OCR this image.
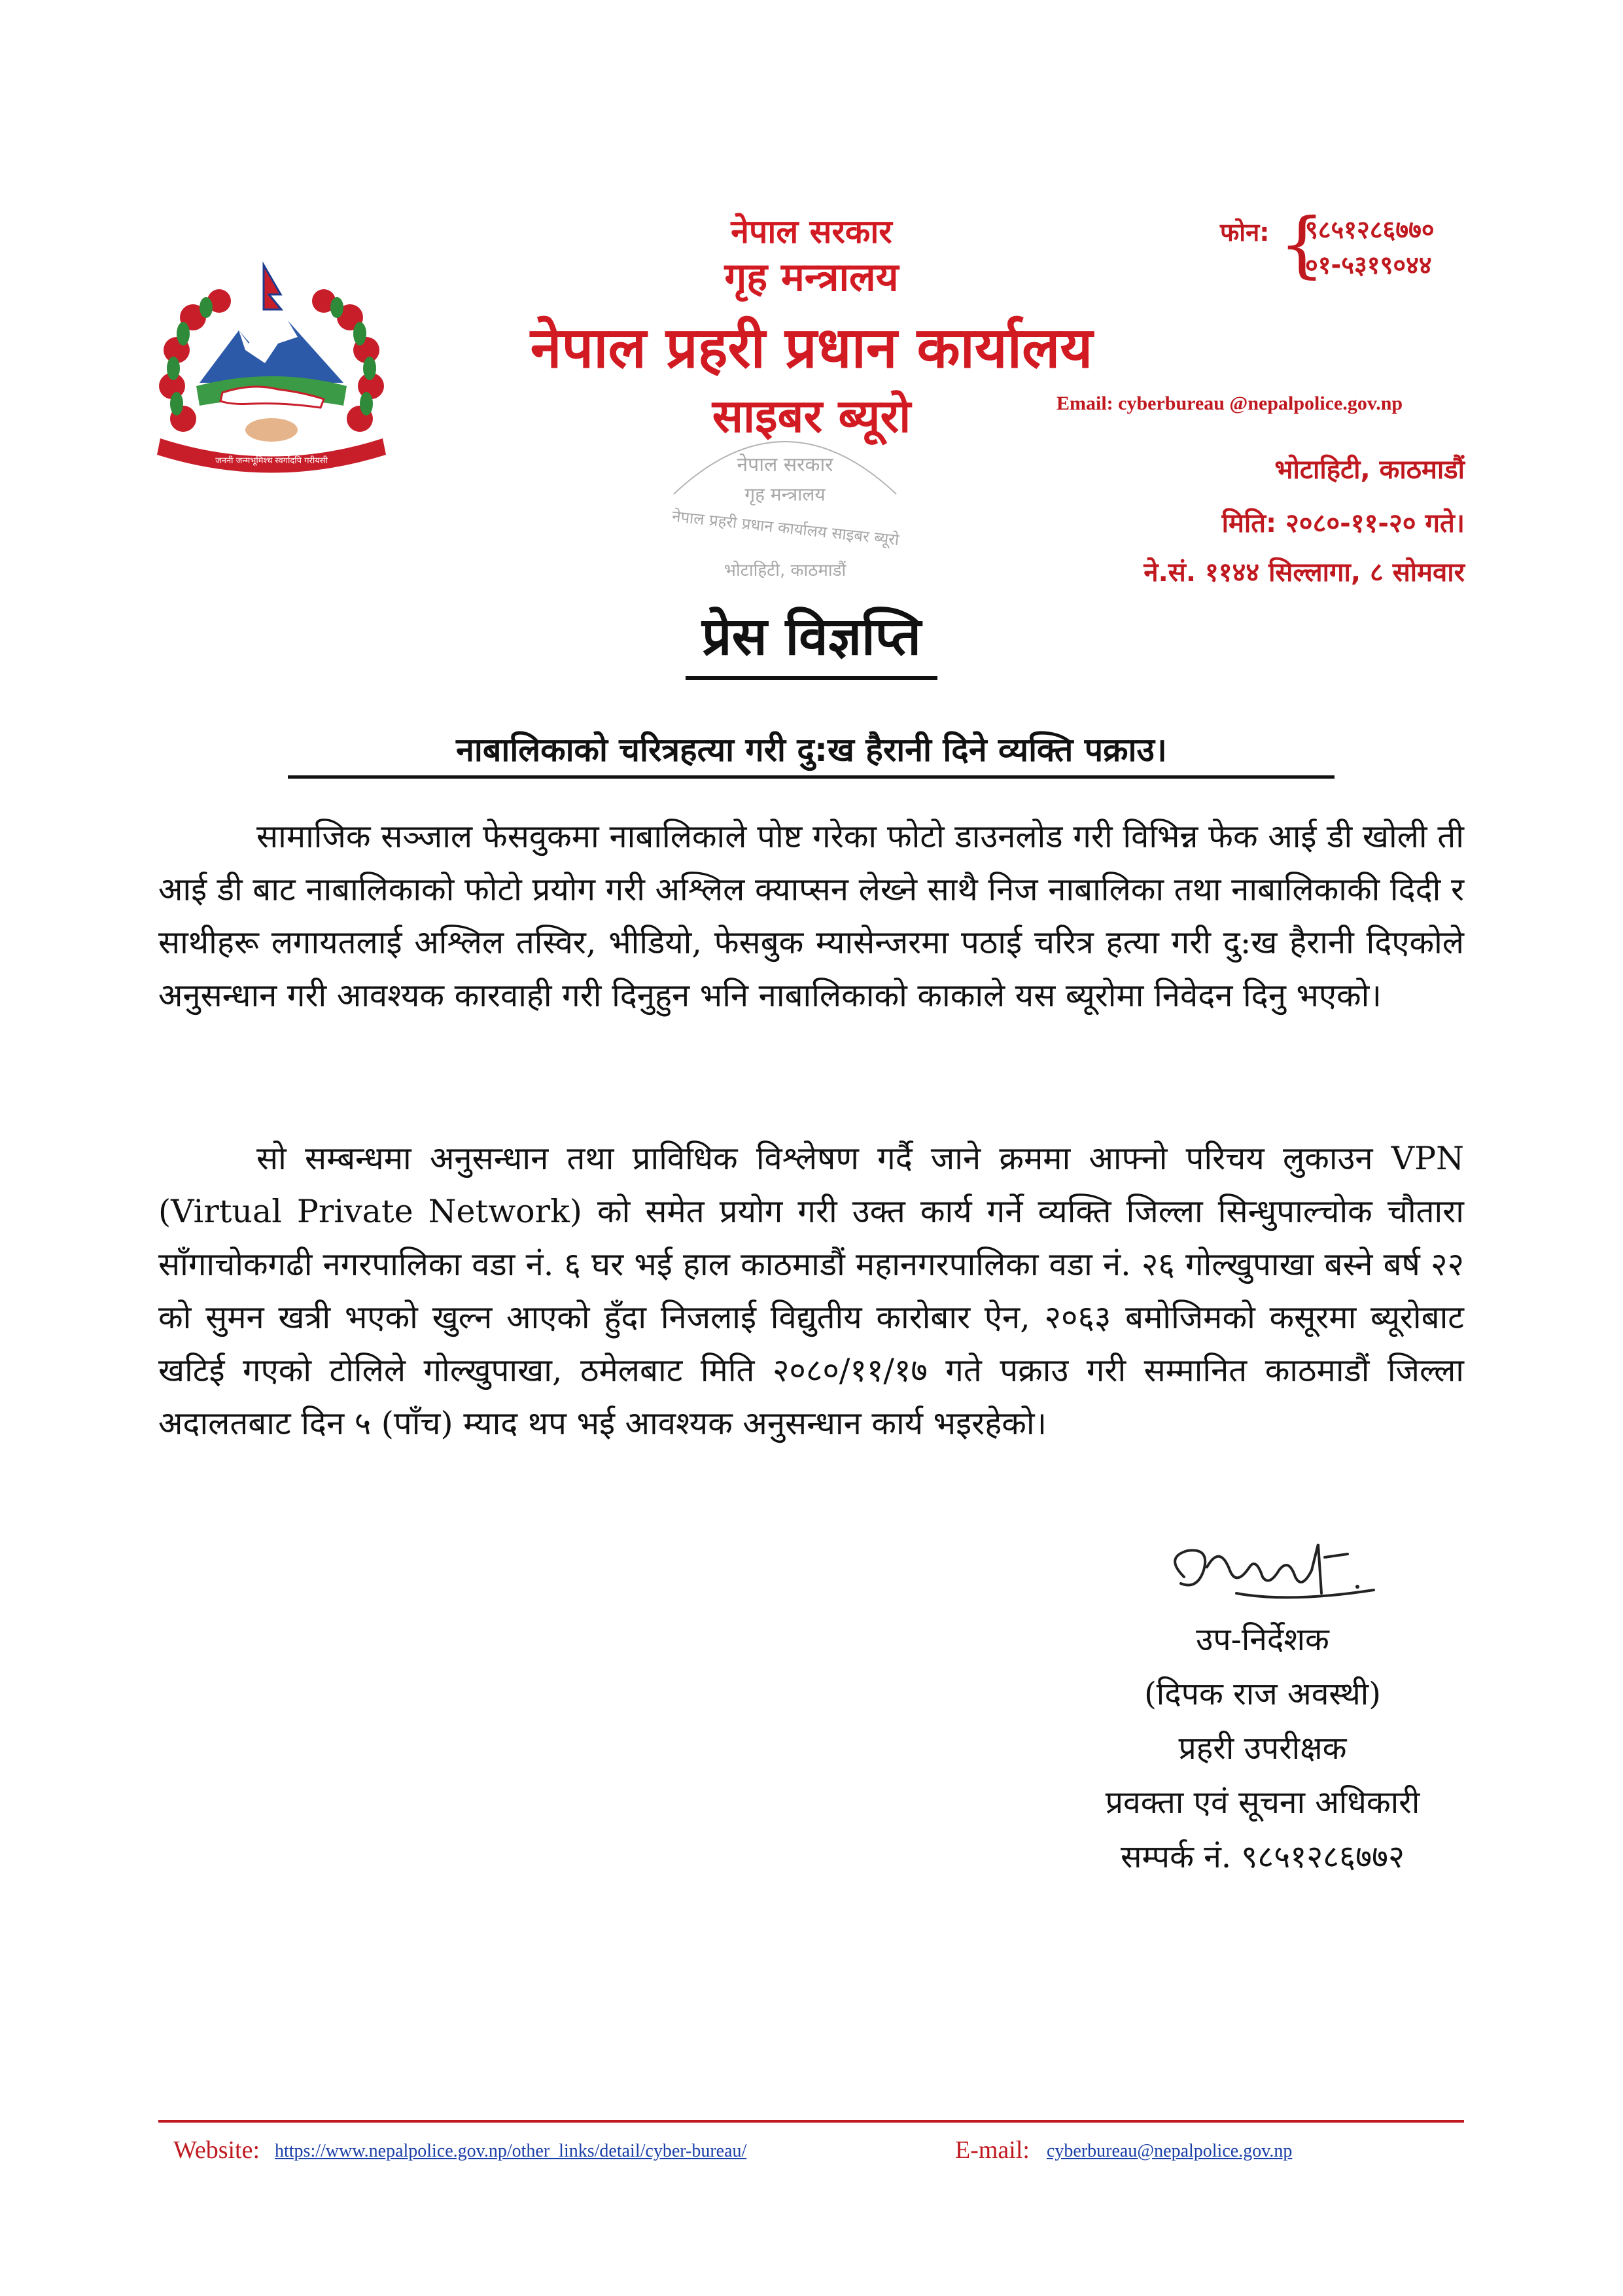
जननी जन्मभूमिश्च स्वर्गादपि गरीयसी
नेपाल सरकार
गृह मन्त्रालय
नेपाल प्रहरी प्रधान कार्यालय
साइबर ब्यूरो
फोन: {
९८५१२८६७७०
०१-५३१९०४४
Email: cyberbureau @nepalpolice.gov.np
भोटाहिटी, काठमाडौं
मिति: २०८०-११-२० गते।
ने.सं. ११४४ सिल्लागा, ८ सोमवार
नेपाल सरकार
गृह मन्त्रालय
नेपाल प्रहरी प्रधान कार्यालय साइबर ब्यूरो
भोटाहिटी, काठमाडौं
प्रेस विज्ञप्ति
नाबालिकाको चरित्रहत्या गरी दु:ख हैरानी दिने व्यक्ति पक्राउ।
सामाजिक सञ्जाल फेसवुकमा नाबालिकाले पोष्ट गरेका फोटो डाउनलोड गरी विभिन्न फेक आई डी खोली ती आई डी बाट नाबालिकाको फोटो प्रयोग गरी अश्लिल क्याप्सन लेख्ने साथै निज नाबालिका तथा नाबालिकाकी दिदी र साथीहरू लगायतलाई अश्लिल तस्विर, भीडियो, फेसबुक म्यासेन्जरमा पठाई चरित्र हत्या गरी दु:ख हैरानी दिएकोले अनुसन्धान गरी आवश्यक कारवाही गरी दिनुहुन भनि नाबालिकाको काकाले यस ब्यूरोमा निवेदन दिनु भएको।
सो सम्बन्धमा अनुसन्धान तथा प्राविधिक विश्लेषण गर्दै जाने क्रममा आफ्नो परिचय लुकाउन VPN (Virtual Private Network) को समेत प्रयोग गरी उक्त कार्य गर्ने व्यक्ति जिल्ला सिन्धुपाल्चोक चौतारा साँगाचोकगढी नगरपालिका वडा नं. ६ घर भई हाल काठमाडौं महानगरपालिका वडा नं. २६ गोल्खुपाखा बस्ने बर्ष २२ को सुमन खत्री भएको खुल्न आएको हुँदा निजलाई विद्युतीय कारोबार ऐन, २०६३ बमोजिमको कसूरमा ब्यूरोबाट खटिई गएको टोलिले गोल्खुपाखा, ठमेलबाट मिति २०८०/११/१७ गते पक्राउ गरी सम्मानित काठमाडौं जिल्ला अदालतबाट दिन ५ (पाँच) म्याद थप भई आवश्यक अनुसन्धान कार्य भइरहेको।
उप-निर्देशक
(दिपक राज अवस्थी)
प्रहरी उपरीक्षक
प्रवक्ता एवं सूचना अधिकारी
सम्पर्क नं. ९८५१२८६७७२
Website: https://www.nepalpolice.gov.np/other_links/detail/cyber-bureau/	E-mail: cyberbureau@nepalpolice.gov.np
